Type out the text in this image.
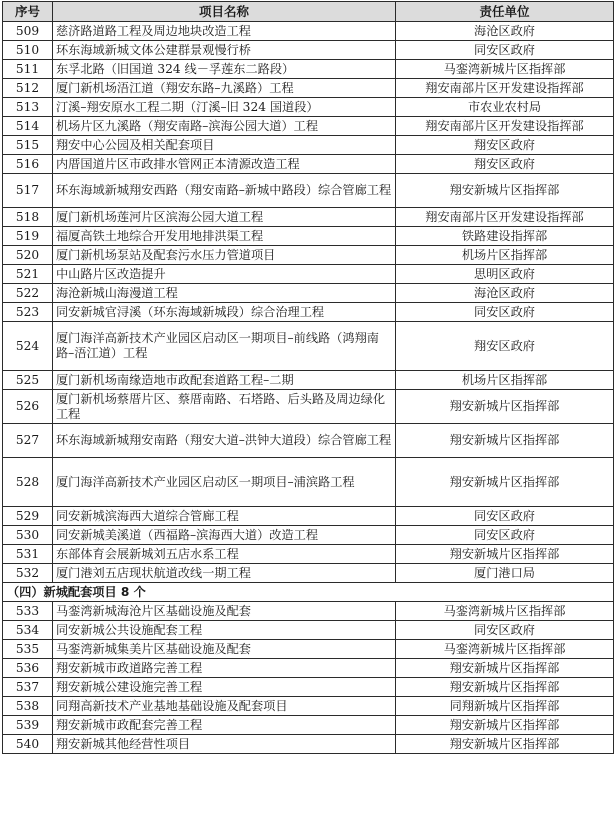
序号	项目名称	责任单位
509	慈济路道路工程及周边地块改造工程	海沧区政府
510	环东海域新城文体公建群景观慢行桥	同安区政府
511	东孚北路（旧国道 324 线－孚莲东二路段）	马銮湾新城片区指挥部
512	厦门新机场浯江道（翔安东路–九溪路）工程	翔安南部片区开发建设指挥部
513	汀溪–翔安原水工程二期（汀溪–旧 324 国道段）	市农业农村局
514	机场片区九溪路（翔安南路–滨海公园大道）工程	翔安南部片区开发建设指挥部
515	翔安中心公园及相关配套项目	翔安区政府
516	内厝国道片区市政排水管网正本清源改造工程	翔安区政府
517	环东海域新城翔安西路（翔安南路–新城中路段）综合管廊工程	翔安新城片区指挥部
518	厦门新机场莲河片区滨海公园大道工程	翔安南部片区开发建设指挥部
519	福厦高铁土地综合开发用地排洪渠工程	铁路建设指挥部
520	厦门新机场泵站及配套污水压力管道项目	机场片区指挥部
521	中山路片区改造提升	思明区政府
522	海沧新城山海漫道工程	海沧区政府
523	同安新城官浔溪（环东海域新城段）综合治理工程	同安区政府
524	厦门海洋高新技术产业园区启动区一期项目–前线路（鸿翔南路–浯江道）工程	翔安区政府
525	厦门新机场南缘造地市政配套道路工程–二期	机场片区指挥部
526	厦门新机场蔡厝片区、蔡厝南路、石塔路、后头路及周边绿化工程	翔安新城片区指挥部
527	环东海域新城翔安南路（翔安大道–洪钟大道段）综合管廊工程	翔安新城片区指挥部
528	厦门海洋高新技术产业园区启动区一期项目–浦滨路工程	翔安新城片区指挥部
529	同安新城滨海西大道综合管廊工程	同安区政府
530	同安新城美溪道（西福路–滨海西大道）改造工程	同安区政府
531	东部体育会展新城刘五店水系工程	翔安新城片区指挥部
532	厦门港刘五店现状航道改线一期工程	厦门港口局
（四）新城配套项目 8 个		
533	马銮湾新城海沧片区基础设施及配套	马銮湾新城片区指挥部
534	同安新城公共设施配套工程	同安区政府
535	马銮湾新城集美片区基础设施及配套	马銮湾新城片区指挥部
536	翔安新城市政道路完善工程	翔安新城片区指挥部
537	翔安新城公建设施完善工程	翔安新城片区指挥部
538	同翔高新技术产业基地基础设施及配套项目	同翔新城片区指挥部
539	翔安新城市政配套完善工程	翔安新城片区指挥部
540	翔安新城其他经营性项目	翔安新城片区指挥部
